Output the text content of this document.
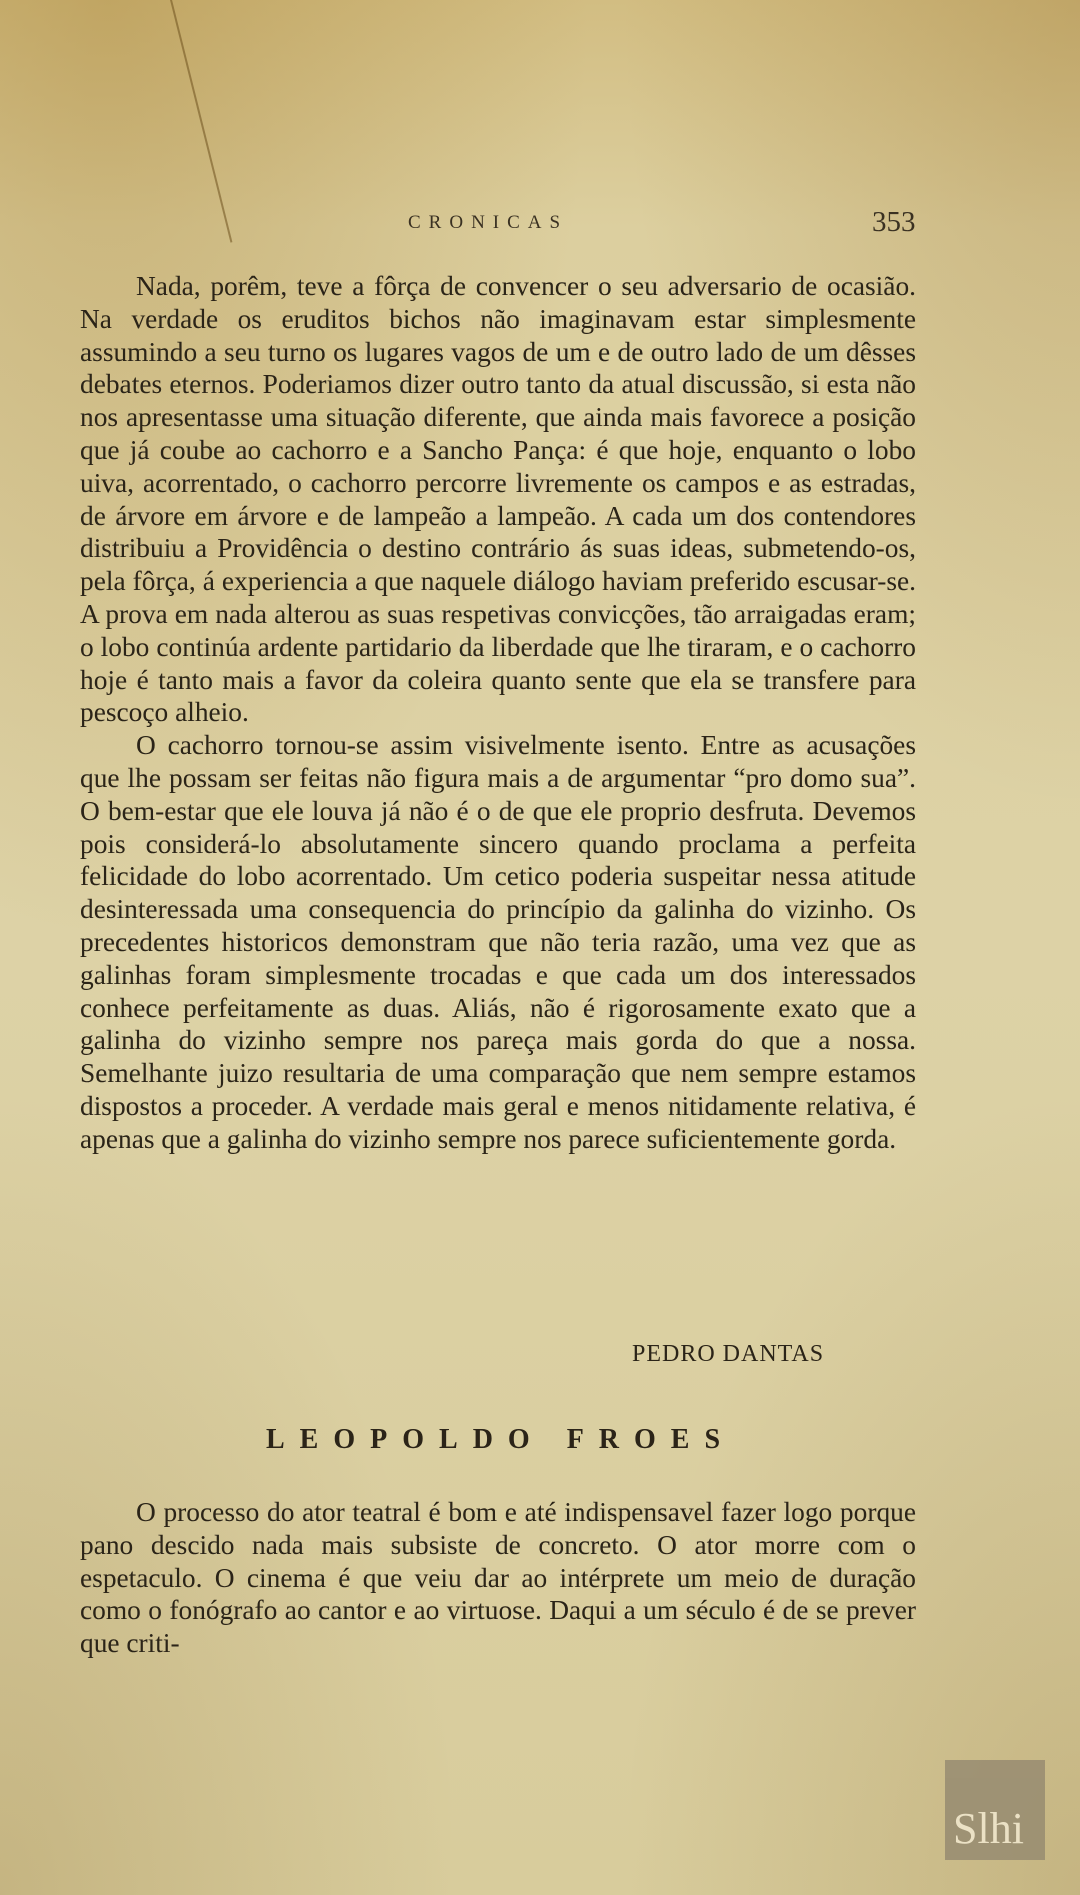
CRONICAS	353

Nada, porêm, teve a fôrça de convencer o seu adversario de ocasião. Na verdade os eruditos bichos não imaginavam estar simplesmente assumindo a seu turno os lugares vagos de um e de outro lado de um dêsses debates eternos. Poderiamos dizer outro tanto da atual discussão, si esta não nos apresentasse uma situação diferente, que ainda mais favorece a posição que já coube ao cachorro e a Sancho Pança: é que hoje, enquanto o lobo uiva, acorrentado, o cachorro percorre livremente os campos e as estradas, de árvore em árvore e de lampeão a lampeão. A cada um dos contendores distribuiu a Providência o destino contrário ás suas ideas, submetendo-os, pela fôrça, á experiencia a que naquele diálogo haviam preferido escusar-se. A prova em nada alterou as suas respetivas convicções, tão arraigadas eram; o lobo continúa ardente partidario da liberdade que lhe tiraram, e o cachorro hoje é tanto mais a favor da coleira quanto sente que ela se transfere para pescoço alheio.

O cachorro tornou-se assim visivelmente isento. Entre as acusações que lhe possam ser feitas não figura mais a de argumentar “pro domo sua”. O bem-estar que ele louva já não é o de que ele proprio desfruta. Devemos pois considerá-lo absolutamente sincero quando proclama a perfeita felicidade do lobo acorrentado. Um cetico poderia suspeitar nessa atitude desinteressada uma consequencia do princípio da galinha do vizinho. Os precedentes historicos demonstram que não teria razão, uma vez que as galinhas foram simplesmente trocadas e que cada um dos interessados conhece perfeitamente as duas. Aliás, não é rigorosamente exato que a galinha do vizinho sempre nos pareça mais gorda do que a nossa. Semelhante juizo resultaria de uma comparação que nem sempre estamos dispostos a proceder. A verdade mais geral e menos nitidamente relativa, é apenas que a galinha do vizinho sempre nos parece suficientemente gorda.

PEDRO DANTAS
LEOPOLDO FROES

O processo do ator teatral é bom e até indispensavel fazer logo porque pano descido nada mais subsiste de concreto. O ator morre com o espetaculo. O cinema é que veiu dar ao intérprete um meio de duração como o fonógrafo ao cantor e ao virtuose. Daqui a um século é de se prever que criti-

Slhi
